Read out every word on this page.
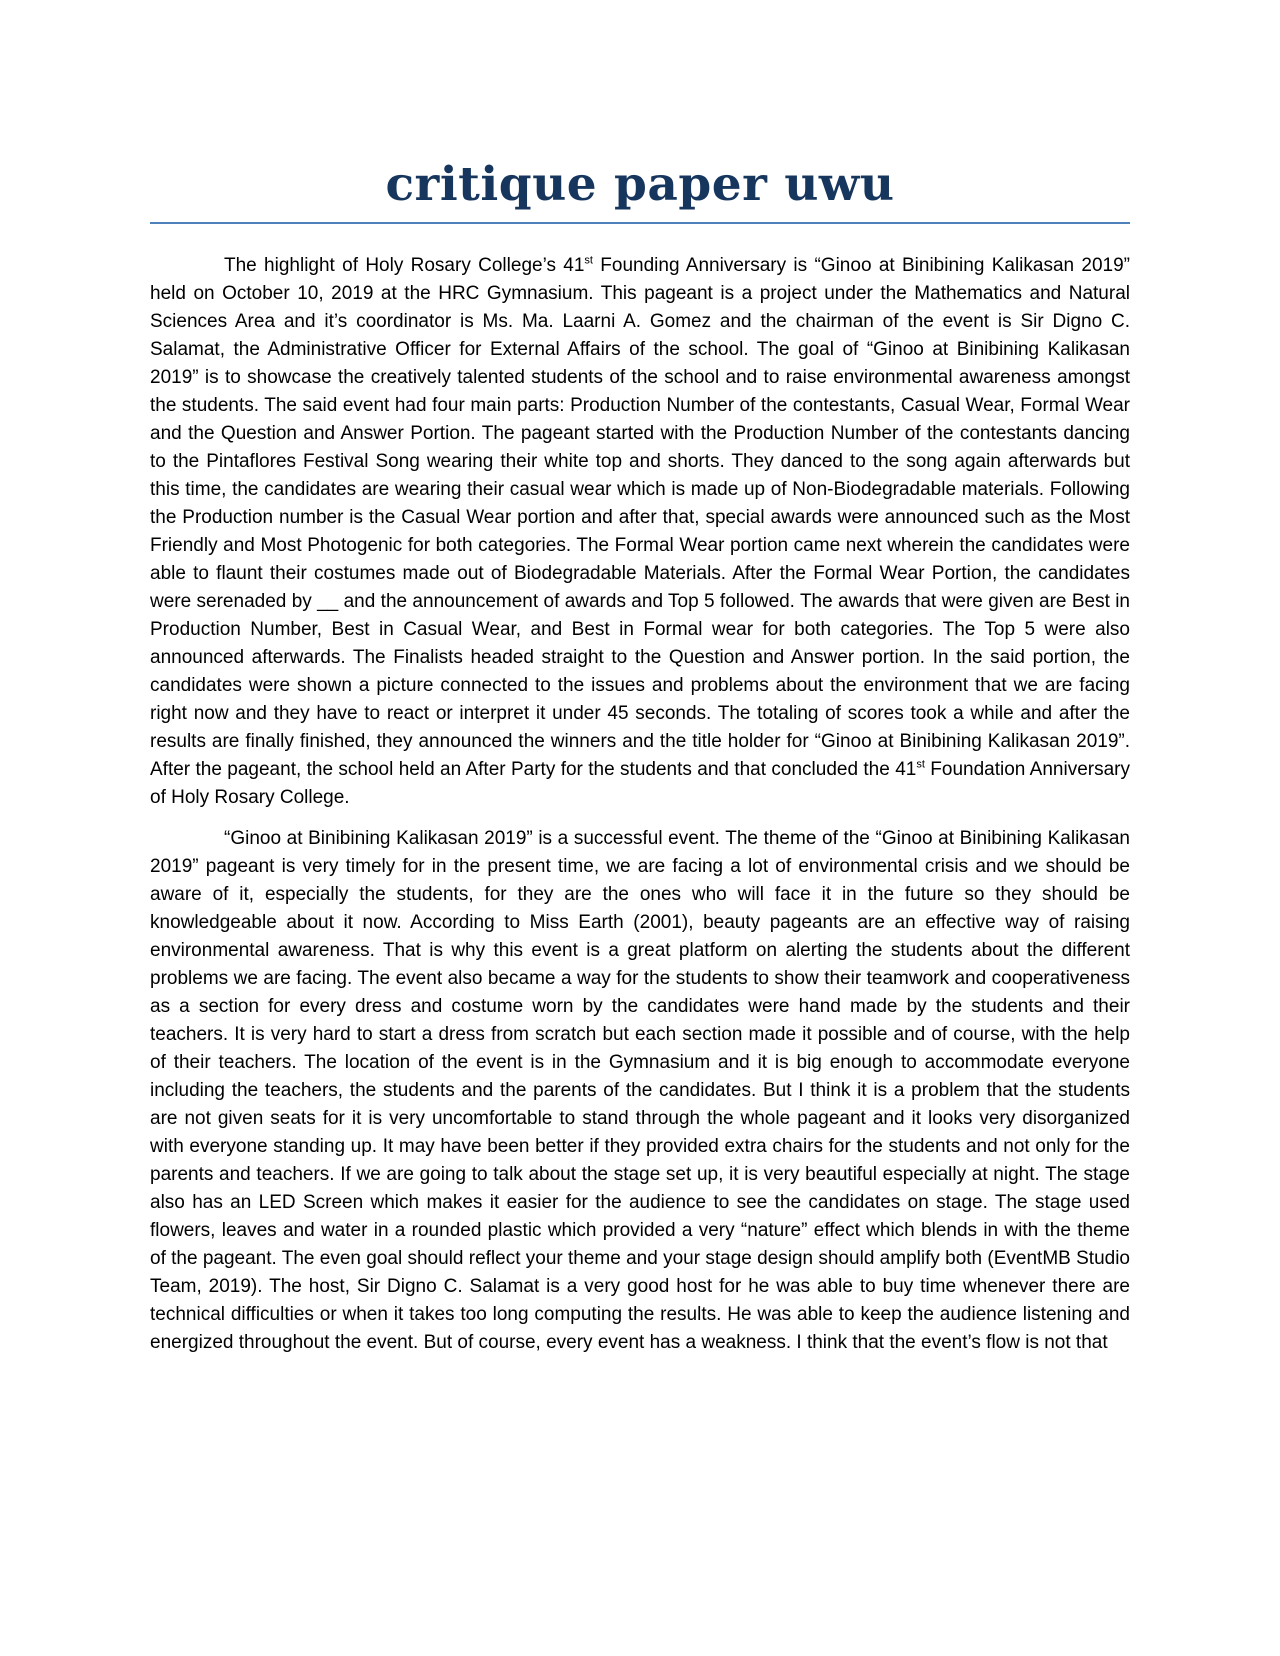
critique paper uwu

The highlight of Holy Rosary College’s 41st Founding Anniversary is “Ginoo at Binibining Kalikasan 2019” held on October 10, 2019 at the HRC Gymnasium. This pageant is a project under the Mathematics and Natural Sciences Area and it’s coordinator is Ms. Ma. Laarni A. Gomez and the chairman of the event is Sir Digno C. Salamat, the Administrative Officer for External Affairs of the school. The goal of “Ginoo at Binibining Kalikasan 2019” is to showcase the creatively talented students of the school and to raise environmental awareness amongst the students. The said event had four main parts: Production Number of the contestants, Casual Wear, Formal Wear and the Question and Answer Portion. The pageant started with the Production Number of the contestants dancing to the Pintaflores Festival Song wearing their white top and shorts. They danced to the song again afterwards but this time, the candidates are wearing their casual wear which is made up of Non-Biodegradable materials. Following the Production number is the Casual Wear portion and after that, special awards were announced such as the Most Friendly and Most Photogenic for both categories. The Formal Wear portion came next wherein the candidates were able to flaunt their costumes made out of Biodegradable Materials. After the Formal Wear Portion, the candidates were serenaded by __ and the announcement of awards and Top 5 followed. The awards that were given are Best in Production Number, Best in Casual Wear, and Best in Formal wear for both categories. The Top 5 were also announced afterwards. The Finalists headed straight to the Question and Answer portion. In the said portion, the candidates were shown a picture connected to the issues and problems about the environment that we are facing right now and they have to react or interpret it under 45 seconds. The totaling of scores took a while and after the results are finally finished, they announced the winners and the title holder for “Ginoo at Binibining Kalikasan 2019”. After the pageant, the school held an After Party for the students and that concluded the 41st Foundation Anniversary of Holy Rosary College.

“Ginoo at Binibining Kalikasan 2019” is a successful event. The theme of the “Ginoo at Binibining Kalikasan 2019” pageant is very timely for in the present time, we are facing a lot of environmental crisis and we should be aware of it, especially the students, for they are the ones who will face it in the future so they should be knowledgeable about it now. According to Miss Earth (2001), beauty pageants are an effective way of raising environmental awareness. That is why this event is a great platform on alerting the students about the different problems we are facing. The event also became a way for the students to show their teamwork and cooperativeness as a section for every dress and costume worn by the candidates were hand made by the students and their teachers. It is very hard to start a dress from scratch but each section made it possible and of course, with the help of their teachers. The location of the event is in the Gymnasium and it is big enough to accommodate everyone including the teachers, the students and the parents of the candidates. But I think it is a problem that the students are not given seats for it is very uncomfortable to stand through the whole pageant and it looks very disorganized with everyone standing up. It may have been better if they provided extra chairs for the students and not only for the parents and teachers. If we are going to talk about the stage set up, it is very beautiful especially at night. The stage also has an LED Screen which makes it easier for the audience to see the candidates on stage. The stage used flowers, leaves and water in a rounded plastic which provided a very “nature” effect which blends in with the theme of the pageant. The even goal should reflect your theme and your stage design should amplify both (EventMB Studio Team, 2019). The host, Sir Digno C. Salamat is a very good host for he was able to buy time whenever there are technical difficulties or when it takes too long computing the results. He was able to keep the audience listening and energized throughout the event. But of course, every event has a weakness. I think that the event’s flow is not that
